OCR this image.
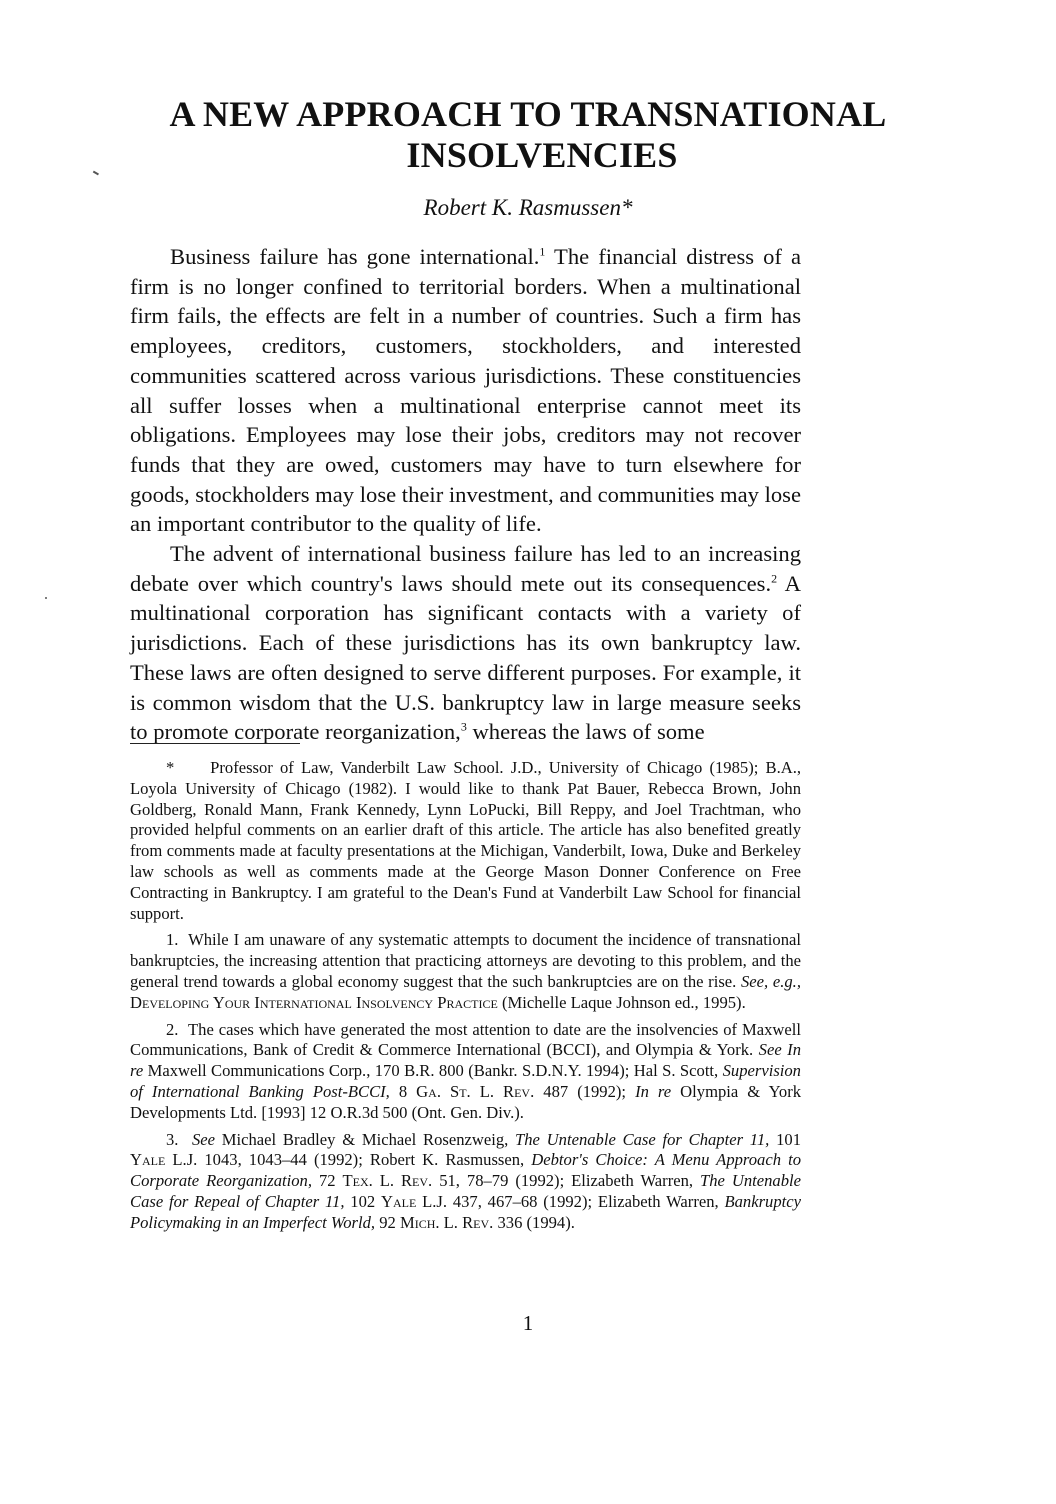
A NEW APPROACH TO TRANSNATIONAL
INSOLVENCIES
Robert K. Rasmussen*

Business failure has gone international.$^1$ The financial distress of a firm is no longer confined to territorial borders. When a multinational firm fails, the effects are felt in a number of countries. Such a firm has employees, creditors, customers, stockholders, and interested communities scattered across various jurisdictions. These constituencies all suffer losses when a multinational enterprise cannot meet its obligations. Employees may lose their jobs, creditors may not recover funds that they are owed, customers may have to turn elsewhere for goods, stockholders may lose their investment, and communities may lose an important contributor to the quality of life.

The advent of international business failure has led to an increasing debate over which country's laws should mete out its consequences.$^2$ A multinational corporation has significant contacts with a variety of jurisdictions. Each of these jurisdictions has its own bankruptcy law. These laws are often designed to serve different purposes. For example, it is common wisdom that the U.S. bankruptcy law in large measure seeks to promote corporate reorganization,$^3$ whereas the laws of some

* Professor of Law, Vanderbilt Law School. J.D., University of Chicago (1985); B.A., Loyola University of Chicago (1982). I would like to thank Pat Bauer, Rebecca Brown, John Goldberg, Ronald Mann, Frank Kennedy, Lynn LoPucki, Bill Reppy, and Joel Trachtman, who provided helpful comments on an earlier draft of this article. The article has also benefited greatly from comments made at faculty presentations at the Michigan, Vanderbilt, Iowa, Duke and Berkeley law schools as well as comments made at the George Mason Donner Conference on Free Contracting in Bankruptcy. I am grateful to the Dean's Fund at Vanderbilt Law School for financial support.

1. While I am unaware of any systematic attempts to document the incidence of transnational bankruptcies, the increasing attention that practicing attorneys are devoting to this problem, and the general trend towards a global economy suggest that the such bankruptcies are on the rise. See, e.g., Developing Your International Insolvency Practice (Michelle Laque Johnson ed., 1995).

2. The cases which have generated the most attention to date are the insolvencies of Maxwell Communications, Bank of Credit & Commerce International (BCCI), and Olympia & York. See In re Maxwell Communications Corp., 170 B.R. 800 (Bankr. S.D.N.Y. 1994); Hal S. Scott, Supervision of International Banking Post-BCCI, 8 Ga. St. L. Rev. 487 (1992); In re Olympia & York Developments Ltd. [1993] 12 O.R.3d 500 (Ont. Gen. Div.).

3. See Michael Bradley & Michael Rosenzweig, The Untenable Case for Chapter 11, 101 Yale L.J. 1043, 1043–44 (1992); Robert K. Rasmussen, Debtor's Choice: A Menu Approach to Corporate Reorganization, 72 Tex. L. Rev. 51, 78–79 (1992); Elizabeth Warren, The Untenable Case for Repeal of Chapter 11, 102 Yale L.J. 437, 467–68 (1992); Elizabeth Warren, Bankruptcy Policymaking in an Imperfect World, 92 Mich. L. Rev. 336 (1994).

1
